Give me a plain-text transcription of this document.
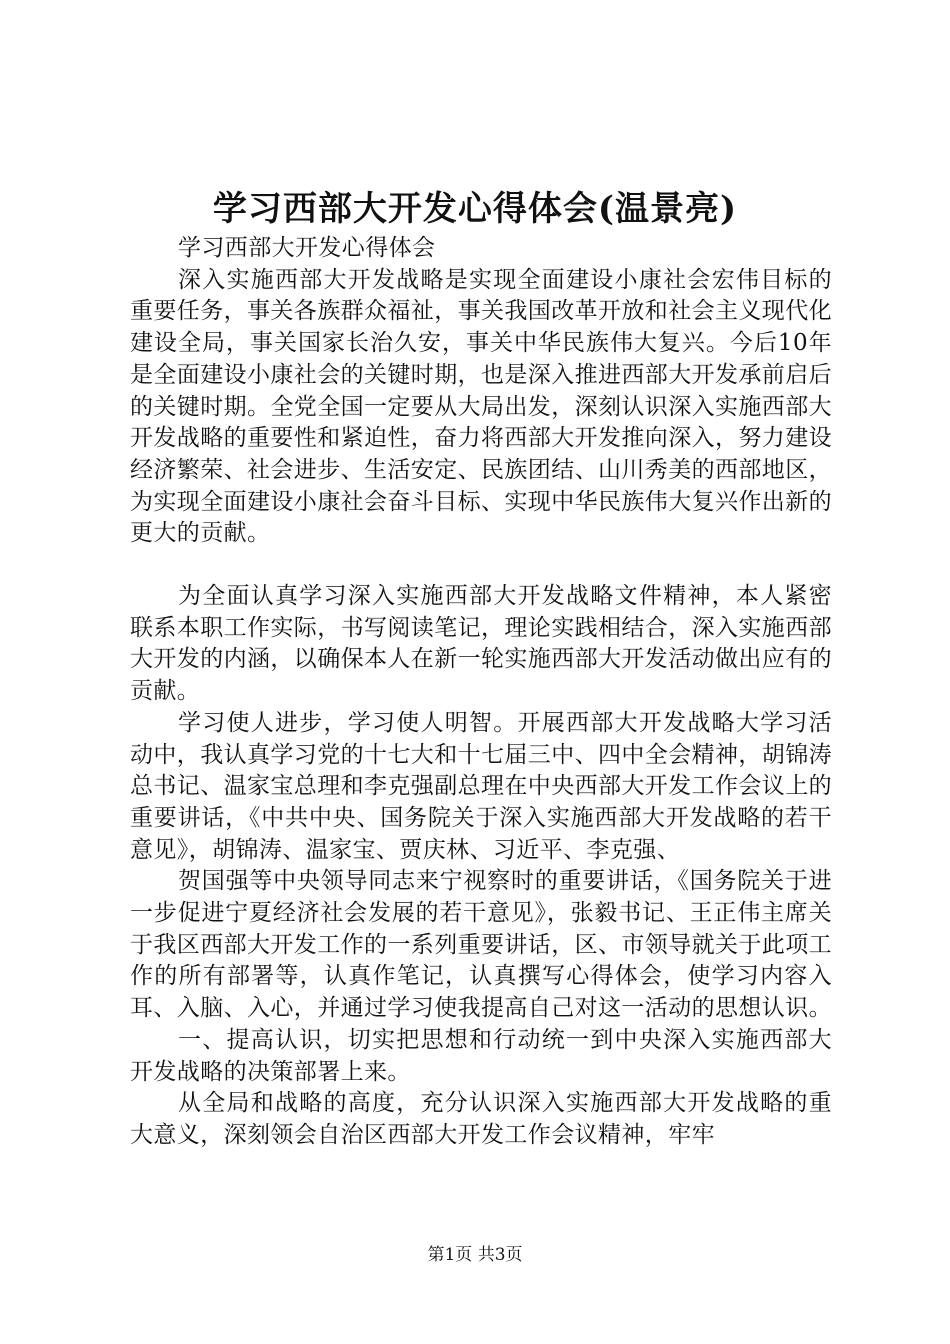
学习西部大开发心得体会(温景亮)

学习西部大开发心得体会

深入实施西部大开发战略是实现全面建设小康社会宏伟目标的重要任务，事关各族群众福祉，事关我国改革开放和社会主义现代化建设全局，事关国家长治久安，事关中华民族伟大复兴。今后10年是全面建设小康社会的关键时期，也是深入推进西部大开发承前启后的关键时期。全党全国一定要从大局出发，深刻认识深入实施西部大开发战略的重要性和紧迫性，奋力将西部大开发推向深入，努力建设经济繁荣、社会进步、生活安定、民族团结、山川秀美的西部地区，为实现全面建设小康社会奋斗目标、实现中华民族伟大复兴作出新的更大的贡献。

为全面认真学习深入实施西部大开发战略文件精神，本人紧密联系本职工作实际，书写阅读笔记，理论实践相结合，深入实施西部大开发的内涵，以确保本人在新一轮实施西部大开发活动做出应有的贡献。

学习使人进步，学习使人明智。开展西部大开发战略大学习活动中，我认真学习党的十七大和十七届三中、四中全会精神，胡锦涛总书记、温家宝总理和李克强副总理在中央西部大开发工作会议上的重要讲话，《中共中央、国务院关于深入实施西部大开发战略的若干意见》，胡锦涛、温家宝、贾庆林、习近平、李克强、

贺国强等中央领导同志来宁视察时的重要讲话，《国务院关于进一步促进宁夏经济社会发展的若干意见》，张毅书记、王正伟主席关于我区西部大开发工作的一系列重要讲话，区、市领导就关于此项工作的所有部署等，认真作笔记，认真撰写心得体会，使学习内容入耳、入脑、入心，并通过学习使我提高自己对这一活动的思想认识。

一、提高认识，切实把思想和行动统一到中央深入实施西部大开发战略的决策部署上来。

从全局和战略的高度，充分认识深入实施西部大开发战略的重大意义，深刻领会自治区西部大开发工作会议精神，牢牢

第1页 共3页
